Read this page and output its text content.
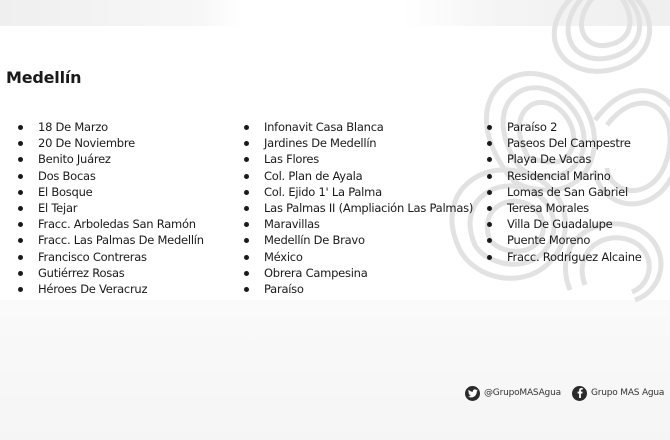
Medellín
18 De Marzo
20 De Noviembre
Benito Juárez
Dos Bocas
El Bosque
El Tejar
Fracc. Arboledas San Ramón
Fracc. Las Palmas De Medellín
Francisco Contreras
Gutiérrez Rosas
Héroes De Veracruz
Infonavit Casa Blanca
Jardines De Medellín
Las Flores
Col. Plan de Ayala
Col. Ejido 1' La Palma
Las Palmas II (Ampliación Las Palmas)
Maravillas
Medellín De Bravo
México
Obrera Campesina
Paraíso
Paraíso 2
Paseos Del Campestre
Playa De Vacas
Residencial Marino
Lomas de San Gabriel
Teresa Morales
Villa De Guadalupe
Puente Moreno
Fracc. Rodríguez Alcaine
@GrupoMASAgua	Grupo MAS Agua
